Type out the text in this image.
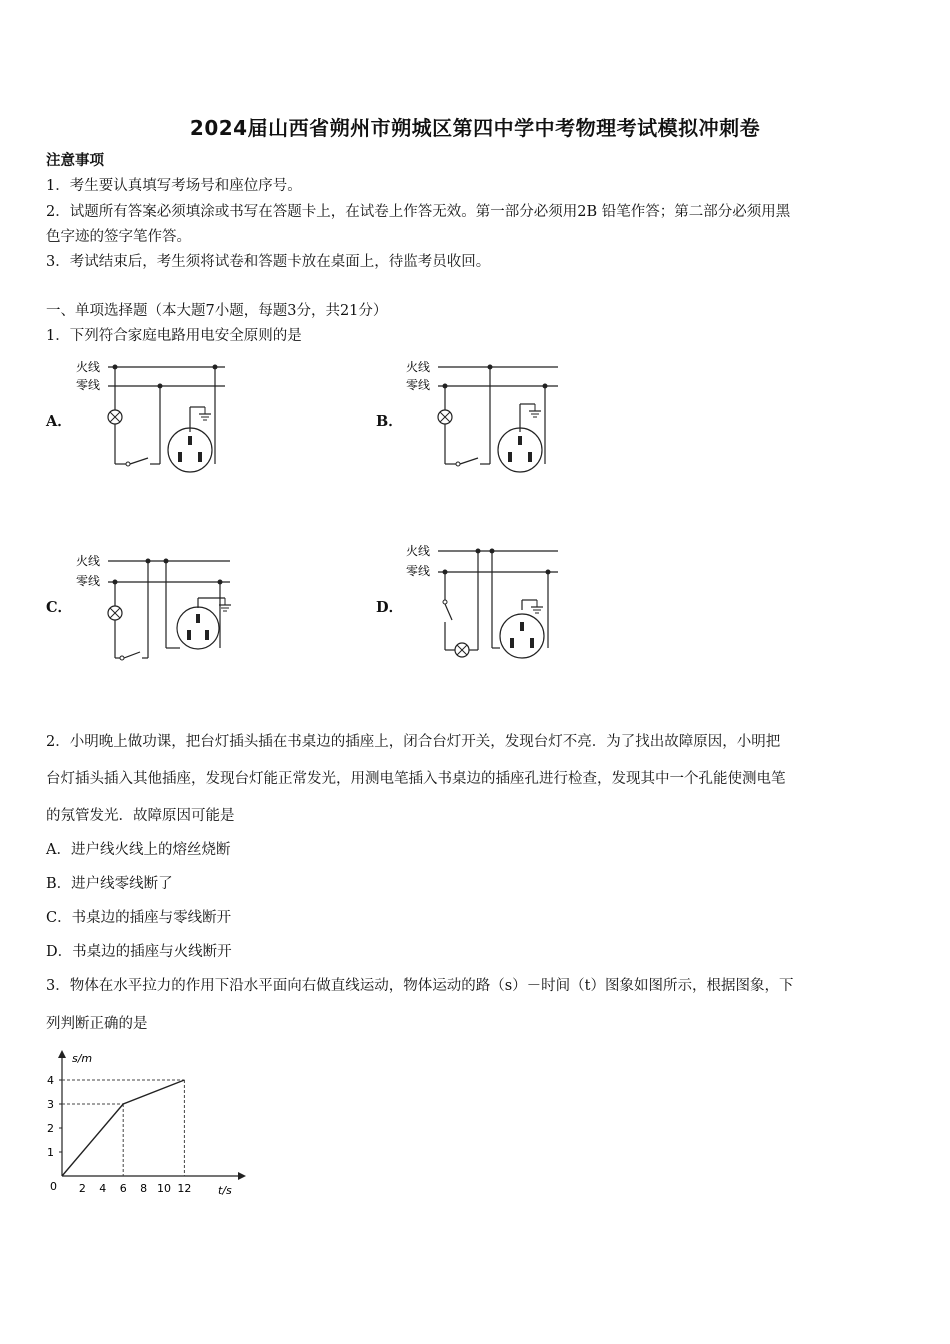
2024届山西省朔州市朔城区第四中学中考物理考试模拟冲刺卷
注意事项
1．考生要认真填写考场号和座位序号。
2．试题所有答案必须填涂或书写在答题卡上，在试卷上作答无效。第一部分必须用2B 铅笔作答；第二部分必须用黑
色字迹的签字笔作答。
3．考试结束后，考生须将试卷和答题卡放在桌面上，待监考员收回。
一、单项选择题（本大题7小题，每题3分，共21分）
1．下列符合家庭电路用电安全原则的是
A．	B．
C．	D．
火线
零线
火线
零线
火线
零线
火线
零线
2．小明晚上做功课，把台灯插头插在书桌边的插座上，闭合台灯开关，发现台灯不亮．为了找出故障原因，小明把
台灯插头插入其他插座，发现台灯能正常发光，用测电笔插入书桌边的插座孔进行检查，发现其中一个孔能使测电笔
的氖管发光．故障原因可能是
A．进户线火线上的熔丝烧断
B．进户线零线断了
C．书桌边的插座与零线断开
D．书桌边的插座与火线断开
3．物体在水平拉力的作用下沿水平面向右做直线运动，物体运动的路（s）－时间（t）图象如图所示，根据图象，下
列判断正确的是
s/m
t/s
0 2 4 6 8 10 12
1
2
3
4
